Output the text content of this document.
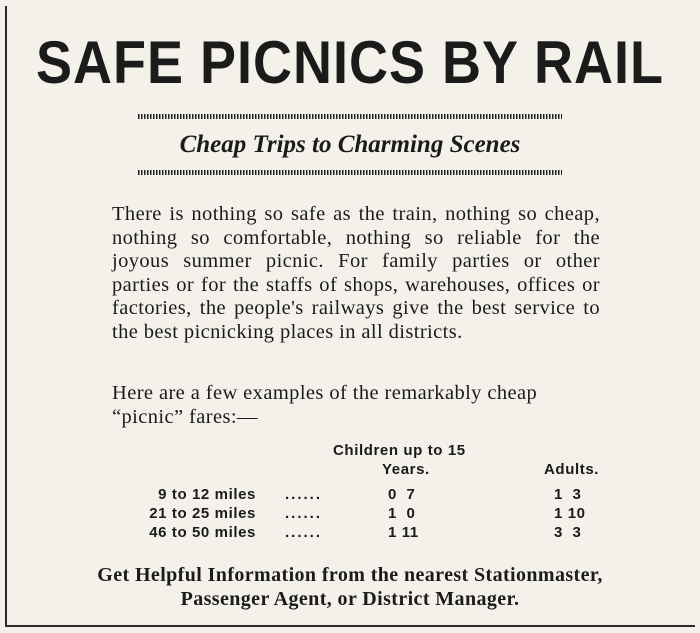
SAFE PICNICS BY RAIL
Cheap Trips to Charming Scenes

There is nothing so safe as the train, nothing so cheap, nothing so comfortable, nothing so reliable for the joyous summer picnic. For family parties or other parties or for the staffs of shops, warehouses, offices or factories, the people's railways give the best service to the best picnicking places in all districts.

Here are a few examples of the remarkably cheap “picnic” fares:—

Children up to 15
Years.	Adults.
9 to 12 miles ......	0  7	1  3
21 to 25 miles ......	1  0	1 10
46 to 50 miles ......	1 11	3  3

Get Helpful Information from the nearest Stationmaster,
Passenger Agent, or District Manager.
